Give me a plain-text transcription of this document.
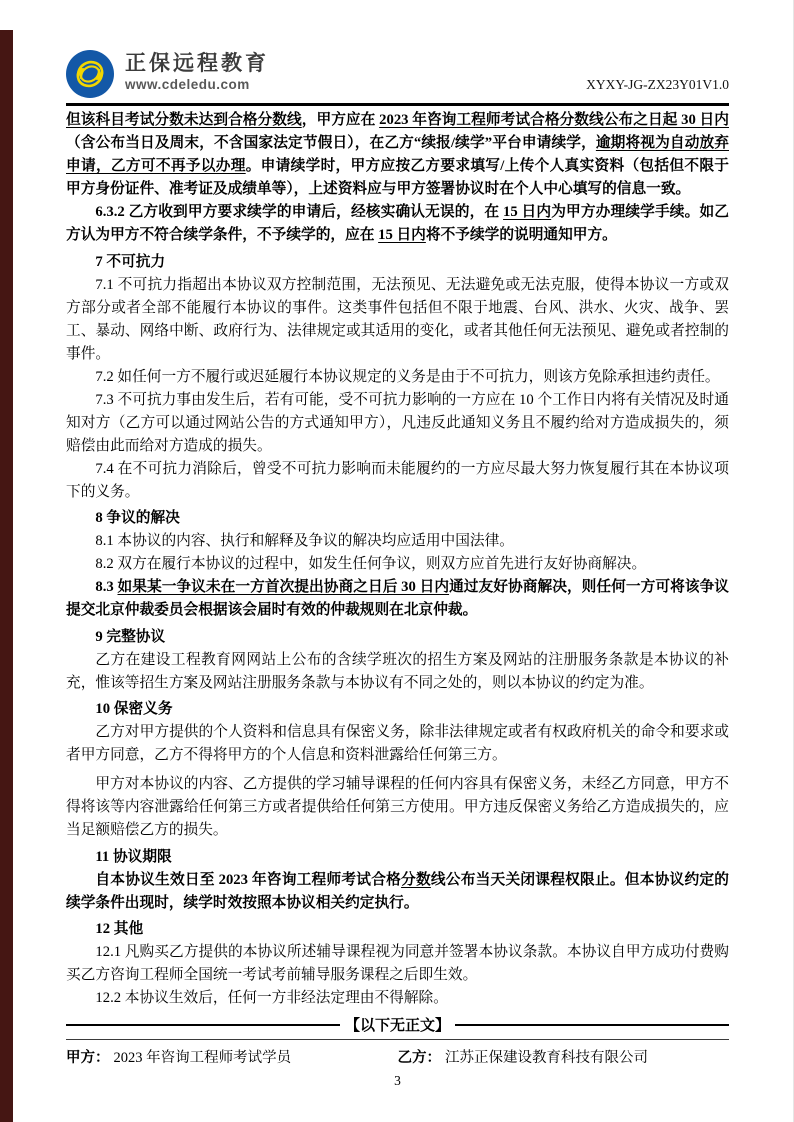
正保远程教育
www.cdeledu.com	XYXY-JG-ZX23Y01V1.0
但该科目考试分数未达到合格分数线，甲方应在 2023 年咨询工程师考试合格分数线公布之日起 30 日内（含公布当日及周末，不含国家法定节假日），在乙方“续报/续学”平台申请续学，逾期将视为自动放弃申请，乙方可不再予以办理。申请续学时，甲方应按乙方要求填写/上传个人真实资料（包括但不限于甲方身份证件、准考证及成绩单等），上述资料应与甲方签署协议时在个人中心填写的信息一致。
6.3.2 乙方收到甲方要求续学的申请后，经核实确认无误的，在 15 日内为甲方办理续学手续。如乙方认为甲方不符合续学条件，不予续学的，应在 15 日内将不予续学的说明通知甲方。
7 不可抗力
7.1 不可抗力指超出本协议双方控制范围，无法预见、无法避免或无法克服，使得本协议一方或双方部分或者全部不能履行本协议的事件。这类事件包括但不限于地震、台风、洪水、火灾、战争、罢工、暴动、网络中断、政府行为、法律规定或其适用的变化，或者其他任何无法预见、避免或者控制的事件。
7.2 如任何一方不履行或迟延履行本协议规定的义务是由于不可抗力，则该方免除承担违约责任。
7.3 不可抗力事由发生后，若有可能，受不可抗力影响的一方应在 10 个工作日内将有关情况及时通知对方（乙方可以通过网站公告的方式通知甲方），凡违反此通知义务且不履约给对方造成损失的，须赔偿由此而给对方造成的损失。
7.4 在不可抗力消除后，曾受不可抗力影响而未能履约的一方应尽最大努力恢复履行其在本协议项下的义务。
8 争议的解决
8.1 本协议的内容、执行和解释及争议的解决均应适用中国法律。
8.2 双方在履行本协议的过程中，如发生任何争议，则双方应首先进行友好协商解决。
8.3 如果某一争议未在一方首次提出协商之日后 30 日内通过友好协商解决，则任何一方可将该争议提交北京仲裁委员会根据该会届时有效的仲裁规则在北京仲裁。
9 完整协议
乙方在建设工程教育网网站上公布的含续学班次的招生方案及网站的注册服务条款是本协议的补充，惟该等招生方案及网站注册服务条款与本协议有不同之处的，则以本协议的约定为准。
10 保密义务
乙方对甲方提供的个人资料和信息具有保密义务，除非法律规定或者有权政府机关的命令和要求或者甲方同意，乙方不得将甲方的个人信息和资料泄露给任何第三方。
甲方对本协议的内容、乙方提供的学习辅导课程的任何内容具有保密义务，未经乙方同意，甲方不得将该等内容泄露给任何第三方或者提供给任何第三方使用。甲方违反保密义务给乙方造成损失的，应当足额赔偿乙方的损失。
11 协议期限
自本协议生效日至 2023 年咨询工程师考试合格分数线公布当天关闭课程权限止。但本协议约定的续学条件出现时，续学时效按照本协议相关约定执行。
12 其他
12.1 凡购买乙方提供的本协议所述辅导课程视为同意并签署本协议条款。本协议自甲方成功付费购买乙方咨询工程师全国统一考试考前辅导服务课程之后即生效。
12.2 本协议生效后，任何一方非经法定理由不得解除。
【以下无正文】
甲方： 2023 年咨询工程师考试学员	乙方： 江苏正保建设教育科技有限公司
3
